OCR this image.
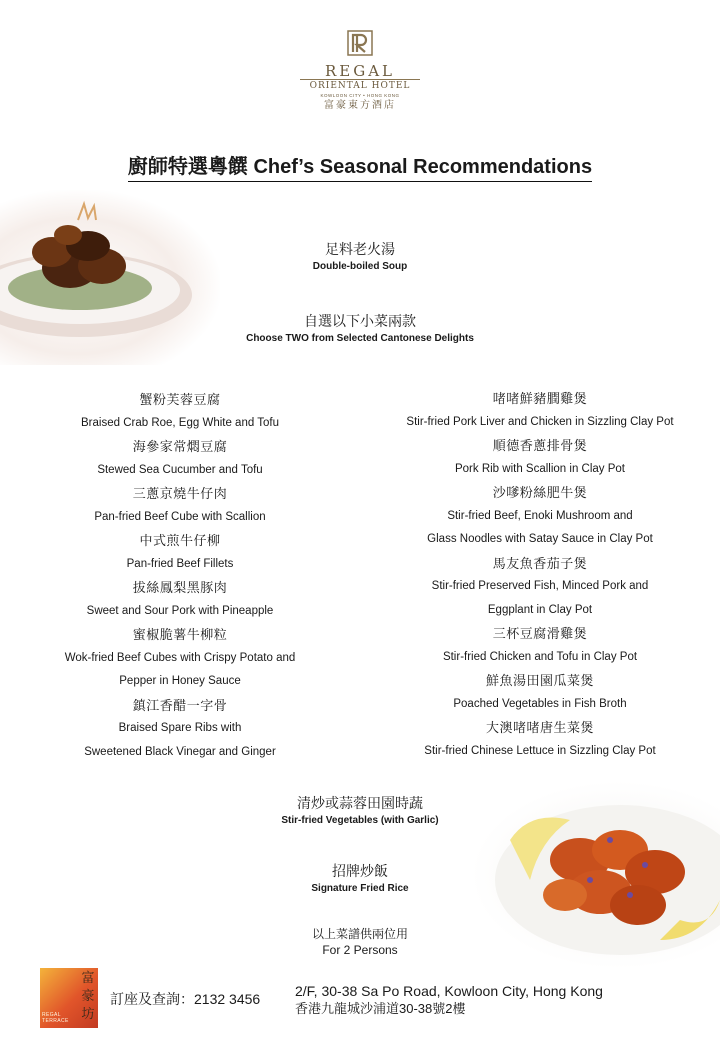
REGAL
ORIENTAL HOTEL
KOWLOON CITY • HONG KONG
富豪東方酒店
廚師特選粵饌 Chef’s Seasonal Recommendations
足料老火湯
Double-boiled Soup
自選以下小菜兩款
Choose TWO from Selected Cantonese Delights
蟹粉芙蓉豆腐
Braised Crab Roe, Egg White and Tofu
海參家常燜豆腐
Stewed Sea Cucumber and Tofu
三蔥京燒牛仔肉
Pan-fried Beef Cube with Scallion
中式煎牛仔柳
Pan-fried Beef Fillets
拔絲鳳梨黑豚肉
Sweet and Sour Pork with Pineapple
蜜椒脆薯牛柳粒
Wok-fried Beef Cubes with Crispy Potato and
Pepper in Honey Sauce
鎮江香醋一字骨
Braised Spare Ribs with
Sweetened Black Vinegar and Ginger
啫啫鮮豬膶雞煲
Stir-fried Pork Liver and Chicken in Sizzling Clay Pot
順德香蔥排骨煲
Pork Rib with Scallion in Clay Pot
沙嗲粉絲肥牛煲
Stir-fried Beef, Enoki Mushroom and
Glass Noodles with Satay Sauce in Clay Pot
馬友魚香茄子煲
Stir-fried Preserved Fish, Minced Pork and
Eggplant in Clay Pot
三杯豆腐滑雞煲
Stir-fried Chicken and Tofu in Clay Pot
鮮魚湯田園瓜菜煲
Poached Vegetables in Fish Broth
大澳啫啫唐生菜煲
Stir-fried Chinese Lettuce in Sizzling Clay Pot
清炒或蒜蓉田園時蔬
Stir-fried Vegetables (with Garlic)
招牌炒飯
Signature Fried Rice
以上菜譜供兩位用
For 2 Persons
富豪坊
REGAL
TERRACE
訂座及查詢：2132 3456 2/F, 30-38 Sa Po Road, Kowloon City, Hong Kong
香港九龍城沙浦道30-38號2樓
